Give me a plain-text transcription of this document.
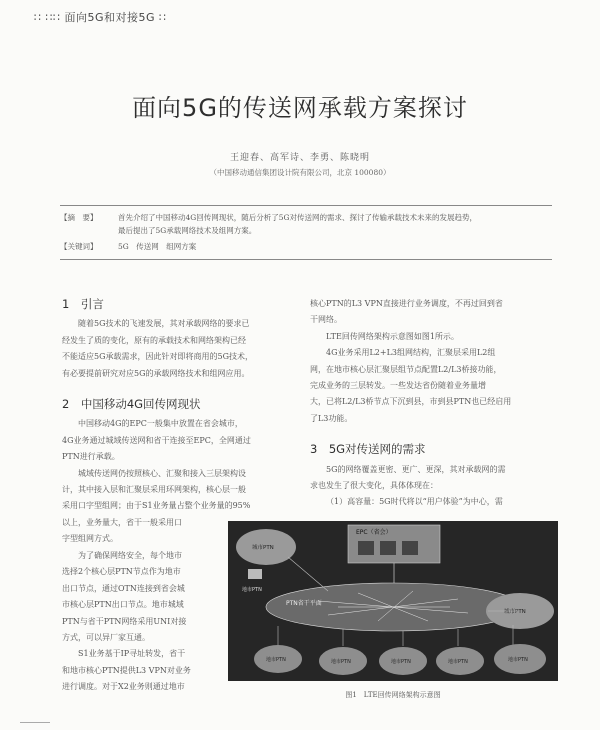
∷ ∷∷ 面向5G和对接5G ∷
面向5G的传送网承载方案探讨
王迎春、高军诗、李勇、陈晓明
（中国移动通信集团设计院有限公司，北京 100080）
【摘　要】	首先介绍了中国移动4G回传网现状，随后分析了5G对传送网的需求、探讨了传输承载技术未来的发展趋势，
最后提出了5G承载网络技术及组网方案。
【关键词】	5G　传送网　组网方案
1　引言

随着5G技术的飞速发展，其对承载网络的要求已
经发生了质的变化，原有的承载技术和网络架构已经
不能适应5G承载需求，因此针对即将商用的5G技术，
有必要提前研究对应5G的承载网络技术和组网应用。

2　中国移动4G回传网现状

中国移动4G的EPC一般集中放置在省会城市，
4G业务通过城域传送网和省干连接至EPC，全网通过
PTN进行承载。

城域传送网仍按照核心、汇聚和接入三层架构设
计，其中接入层和汇聚层采用环网架构，核心层一般
采用口字型组网；由于S1业务量占整个业务量的95%
以上，业务量大，省干一般采用口
字型组网方式。

为了确保网络安全，每个地市
选择2个核心层PTN节点作为地市
出口节点，通过OTN连接到省会城
市核心层PTN出口节点。地市城域
PTN与省干PTN网络采用UNI对接
方式，可以异厂家互通。

S1业务基于IP寻址转发，省干
和地市核心PTN提供L3 VPN对业务
进行调度。对于X2业务则通过地市

核心PTN的L3 VPN直接进行业务调度，不再过回到省
干网络。

LTE回传网络架构示意图如图1所示。

4G业务采用L2+L3组网结构，汇聚层采用L2组
网，在地市核心层汇聚层组节点配置L2/L3桥接功能，
完成业务的三层转发。一些发达省份随着业务量增
大，已将L2/L3桥节点下沉到县，市到县PTN也已经启用
了L3功能。

3　5G对传送网的需求

5G的网络覆盖更密、更广、更深，其对承载网的需
求也发生了很大变化，具体体现在：

（1）高容量：5G时代将以“用户体验”为中心，需

EPC（省会）
PTN省干平面
城市PTN
城市PTN
地市PTN	地市PTN	地市PTN	地市PTN	地市PTN
地市PTN
图1　LTE回传网络架构示意图
